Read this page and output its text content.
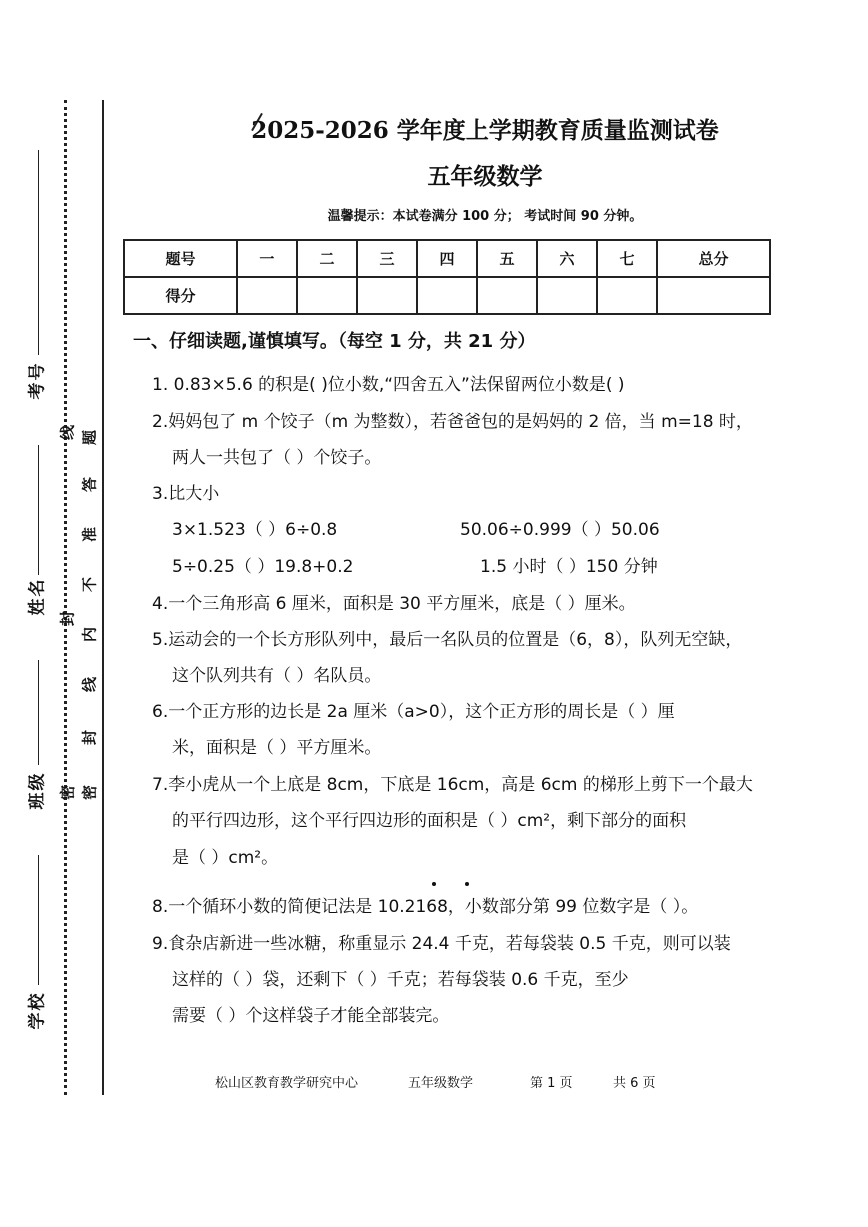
考号
姓名
班级
学校
题
答
准
不
内
线
封
密
线
封
密
2025-2026 学年度上学期教育质量监测试卷
五年级数学
温馨提示：本试卷满分 100 分； 考试时间 90 分钟。
题号	一	二	三	四	五	六	七	总分
得分								
一、仔细读题,谨慎填写。（每空 1 分，共 21 分）
1. 0.83×5.6 的积是( )位小数,“四舍五入”法保留两位小数是( )
2.妈妈包了 m 个饺子（m 为整数），若爸爸包的是妈妈的 2 倍，当 m=18 时，
两人一共包了（ ）个饺子。
3.比大小
3×1.523（ ）6÷0.8	50.06÷0.999（ ）50.06
5÷0.25（ ）19.8+0.2	1.5 小时（ ）150 分钟
4.一个三角形高 6 厘米，面积是 30 平方厘米，底是（ ）厘米。
5.运动会的一个长方形队列中，最后一名队员的位置是（6，8），队列无空缺，
这个队列共有（ ）名队员。
6.一个正方形的边长是 2a 厘米（a>0），这个正方形的周长是（ ）厘
米，面积是（ ）平方厘米。
7.李小虎从一个上底是 8cm，下底是 16cm，高是 6cm 的梯形上剪下一个最大
的平行四边形，这个平行四边形的面积是（ ）cm²，剩下部分的面积
是（ ）cm²。
8.一个循环小数的简便记法是 10.2168，小数部分第 99 位数字是（ ）。
9.食杂店新进一些冰糖，称重显示 24.4 千克，若每袋装 0.5 千克，则可以装
这样的（ ）袋，还剩下（ ）千克；若每袋装 0.6 千克，至少
需要（ ）个这样袋子才能全部装完。
松山区教育教学研究中心	五年级数学	第 1 页	共 6 页
